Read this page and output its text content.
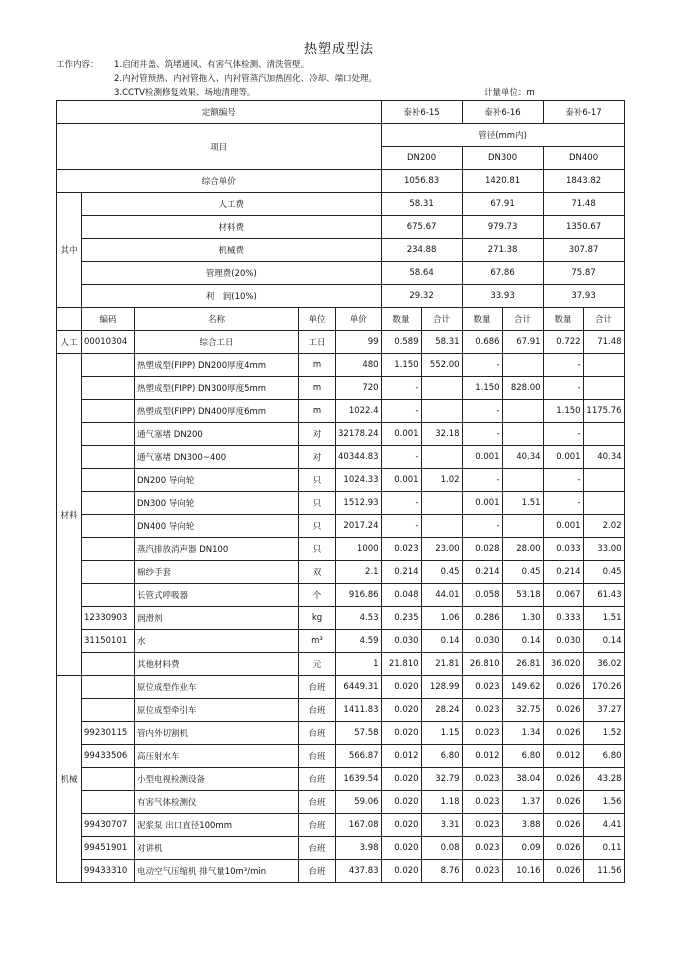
热塑成型法
工作内容：	1.启闭井盖、筑堵通风、有害气体检测、清洗管壁。
2.内衬管预热、内衬管拖入、内衬管蒸汽加热固化、冷却、端口处理。
3.CCTV检测修复效果、场地清理等。	计量单位：m
定额编号					泰补6-15		泰补6-16		泰补6-17	
项目					管径(mm内)					
					DN200		DN300		DN400	
综合单价					1056.83		1420.81		1843.82	
其中	人工费				58.31		67.91		71.48	
	材料费				675.67		979.73		1350.67	
	机械费				234.88		271.38		307.87	
	管理费(20%)				58.64		67.86		75.87	
	利　润(10%)				29.32		33.93		37.93	
	编码	名称	单位	单价	数量	合计	数量	合计	数量	合计
人工	00010304	综合工日	工日	99	0.589	58.31	0.686	67.91	0.722	71.48
材料		热塑成型(FIPP) DN200厚度4mm	m	480	1.150	552.00	-		-	
		热塑成型(FIPP) DN300厚度5mm	m	720	-		1.150	828.00	-	
		热塑成型(FIPP) DN400厚度6mm	m	1022.4	-		-		1.150	1175.76
		通气塞堵 DN200	对	32178.24	0.001	32.18	-		-	
		通气塞堵 DN300~400	对	40344.83	-		0.001	40.34	0.001	40.34
		DN200 导向轮	只	1024.33	0.001	1.02	-		-	
		DN300 导向轮	只	1512.93	-		0.001	1.51	-	
		DN400 导向轮	只	2017.24	-		-		0.001	2.02
		蒸汽排放消声器 DN100	只	1000	0.023	23.00	0.028	28.00	0.033	33.00
		棉纱手套	双	2.1	0.214	0.45	0.214	0.45	0.214	0.45
		长管式呼吸器	个	916.86	0.048	44.01	0.058	53.18	0.067	61.43
	12330903	润滑剂	kg	4.53	0.235	1.06	0.286	1.30	0.333	1.51
	31150101	水	m³	4.59	0.030	0.14	0.030	0.14	0.030	0.14
		其他材料费	元	1	21.810	21.81	26.810	26.81	36.020	36.02
机械		原位成型作业车	台班	6449.31	0.020	128.99	0.023	149.62	0.026	170.26
		原位成型牵引车	台班	1411.83	0.020	28.24	0.023	32.75	0.026	37.27
	99230115	管内外切割机	台班	57.58	0.020	1.15	0.023	1.34	0.026	1.52
	99433506	高压射水车	台班	566.87	0.012	6.80	0.012	6.80	0.012	6.80
		小型电视检测设备	台班	1639.54	0.020	32.79	0.023	38.04	0.026	43.28
		有害气体检测仪	台班	59.06	0.020	1.18	0.023	1.37	0.026	1.56
	99430707	泥浆泵 出口直径100mm	台班	167.08	0.020	3.31	0.023	3.88	0.026	4.41
	99451901	对讲机	台班	3.98	0.020	0.08	0.023	0.09	0.026	0.11
	99433310	电动空气压缩机 排气量10m³/min	台班	437.83	0.020	8.76	0.023	10.16	0.026	11.56
